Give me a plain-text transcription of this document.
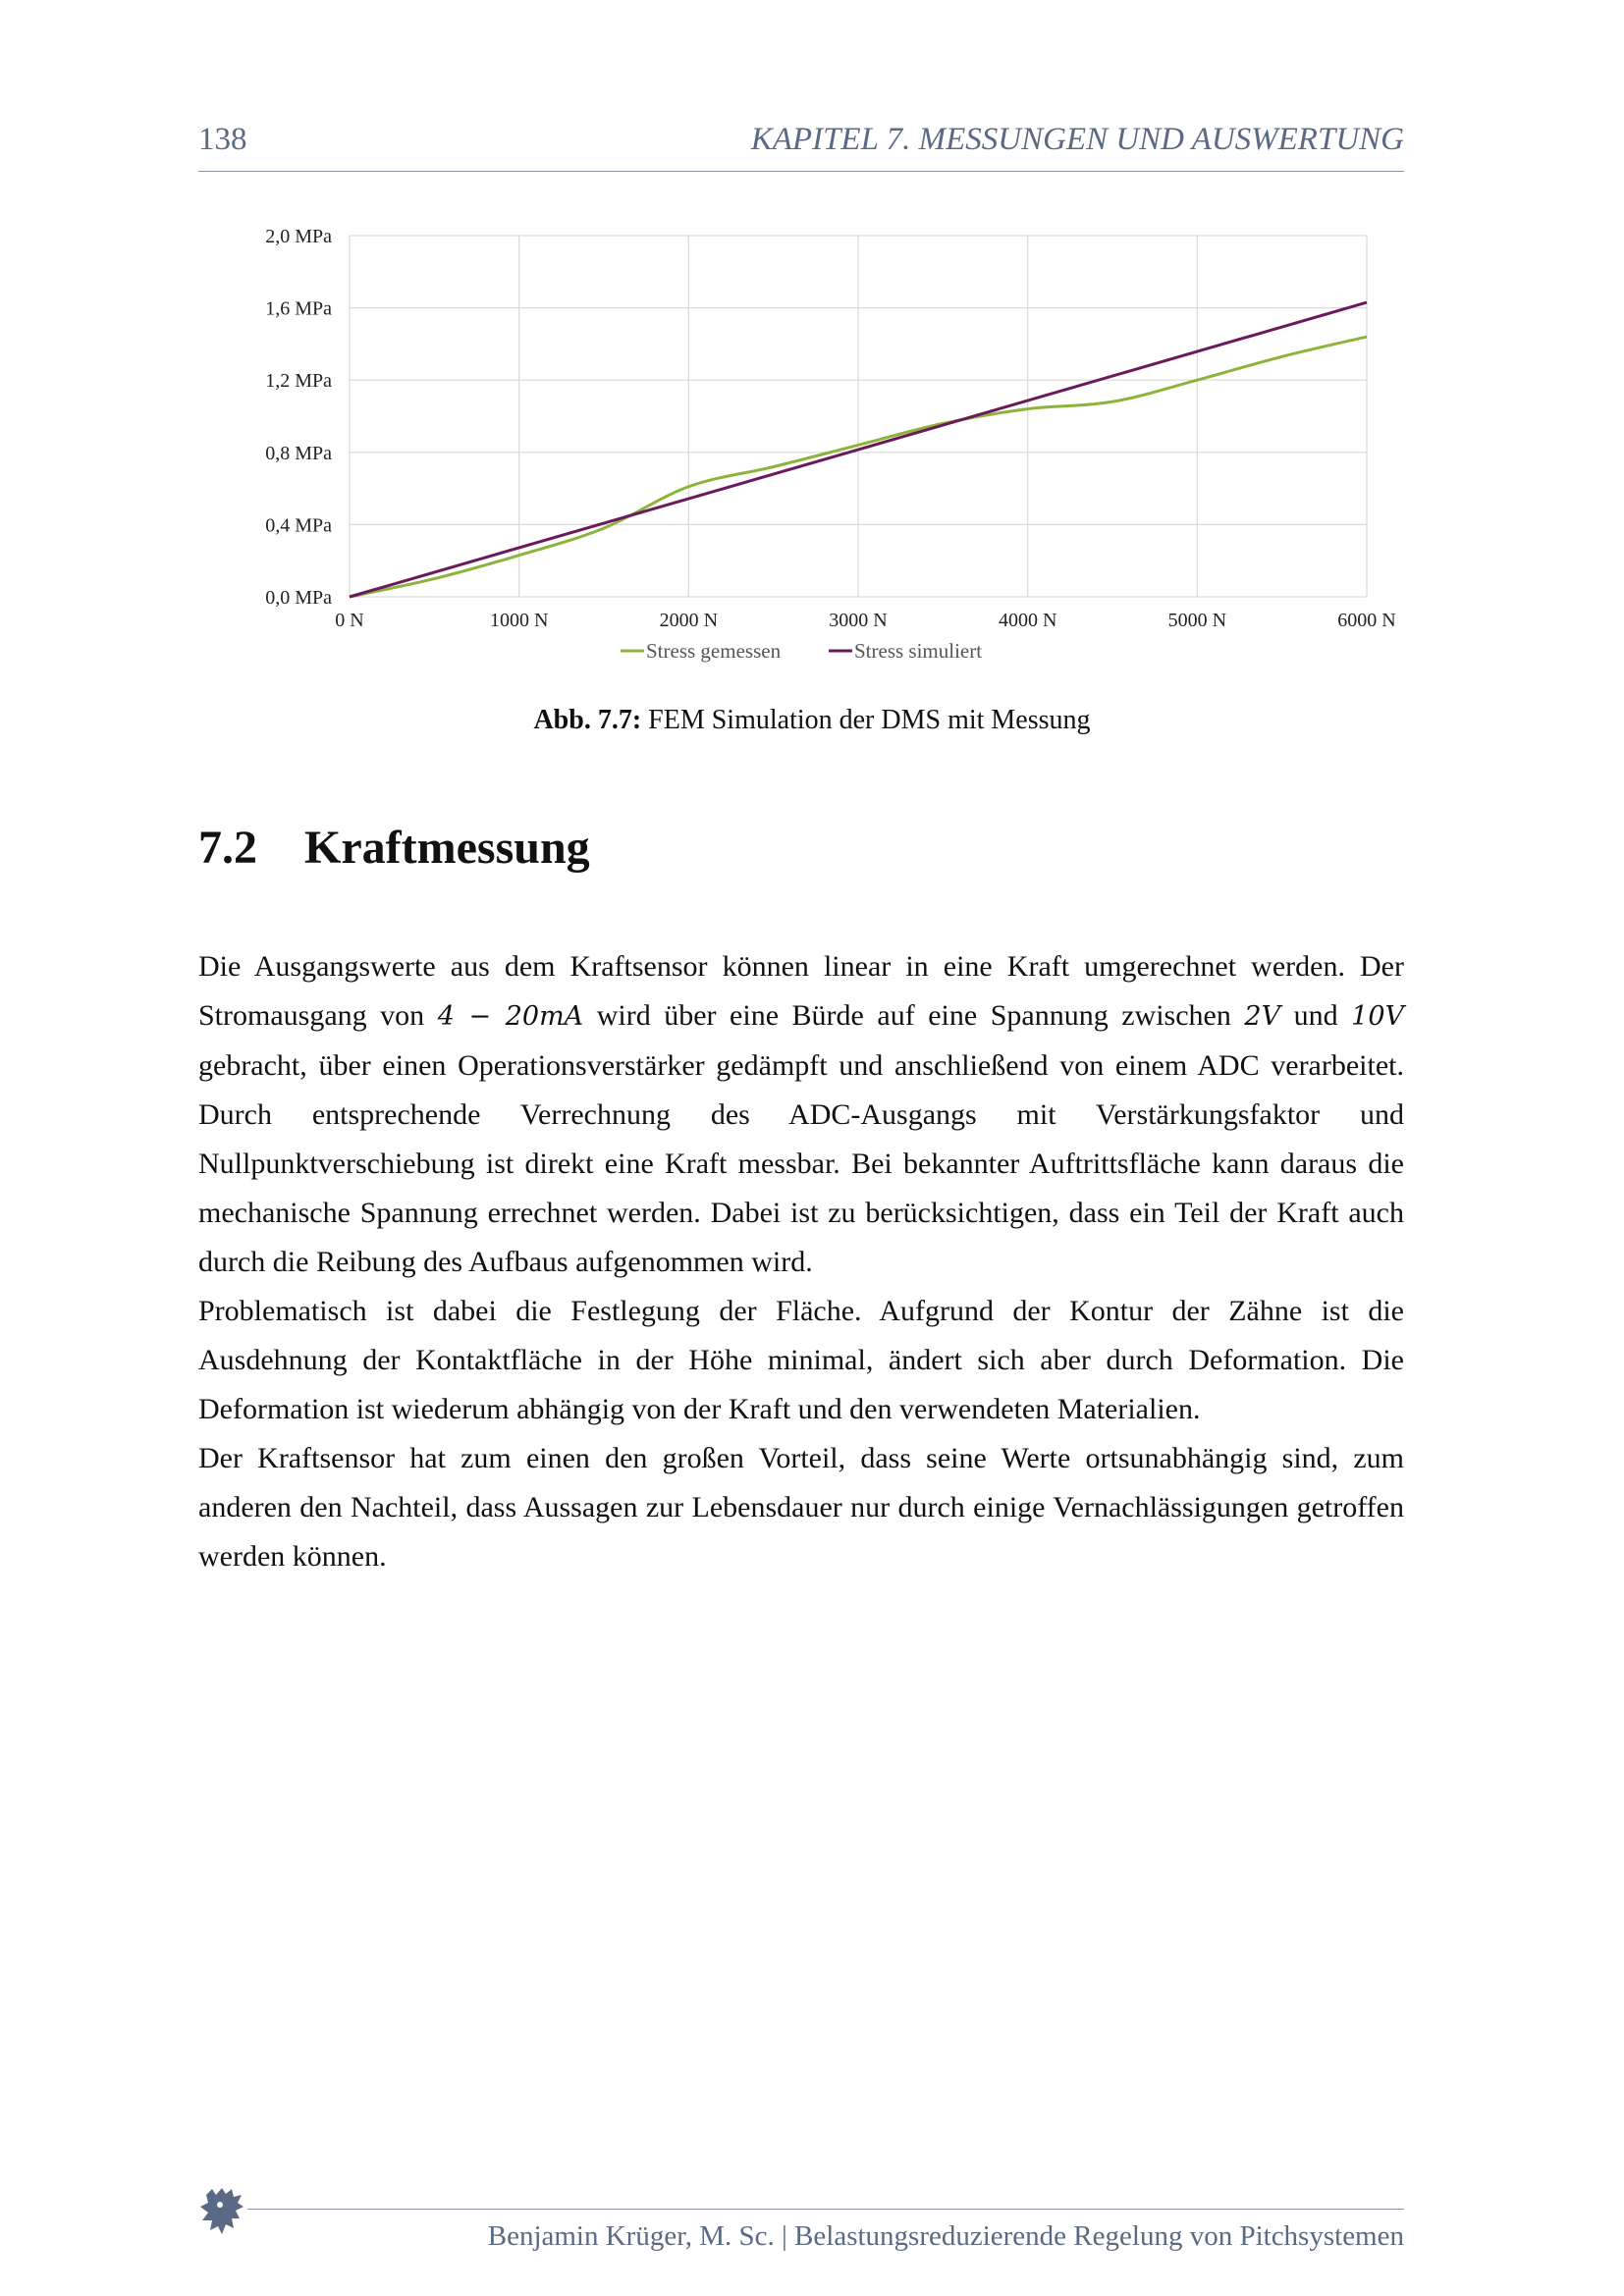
138	KAPITEL 7. MESSUNGEN UND AUSWERTUNG
0,0 MPa
0,4 MPa
0,8 MPa
1,2 MPa
1,6 MPa
2,0 MPa
0 N	1000 N	2000 N	3000 N	4000 N	5000 N	6000 N
Stress gemessen	Stress simuliert
Abb. 7.7: FEM Simulation der DMS mit Messung
7.2 Kraftmessung

Die Ausgangswerte aus dem Kraftsensor können linear in eine Kraft umgerechnet werden. Der Stromausgang von 4 − 20mA wird über eine Bürde auf eine Spannung zwischen 2V und 10V gebracht, über einen Operationsverstärker gedämpft und anschließend von einem ADC verarbeitet. Durch entsprechende Verrechnung des ADC-Ausgangs mit Verstärkungsfaktor und Nullpunktverschiebung ist direkt eine Kraft messbar. Bei bekannter Auftrittsfläche kann daraus die mechanische Spannung errechnet werden. Dabei ist zu berücksichtigen, dass ein Teil der Kraft auch durch die Reibung des Aufbaus aufgenommen wird.

Problematisch ist dabei die Festlegung der Fläche. Aufgrund der Kontur der Zähne ist die Ausdehnung der Kontaktfläche in der Höhe minimal, ändert sich aber durch Deformation. Die Deformation ist wiederum abhängig von der Kraft und den verwendeten Materialien.

Der Kraftsensor hat zum einen den großen Vorteil, dass seine Werte ortsunabhängig sind, zum anderen den Nachteil, dass Aussagen zur Lebensdauer nur durch einige Vernachlässigungen getroffen werden können.

Benjamin Krüger, M. Sc. | Belastungsreduzierende Regelung von Pitchsystemen
